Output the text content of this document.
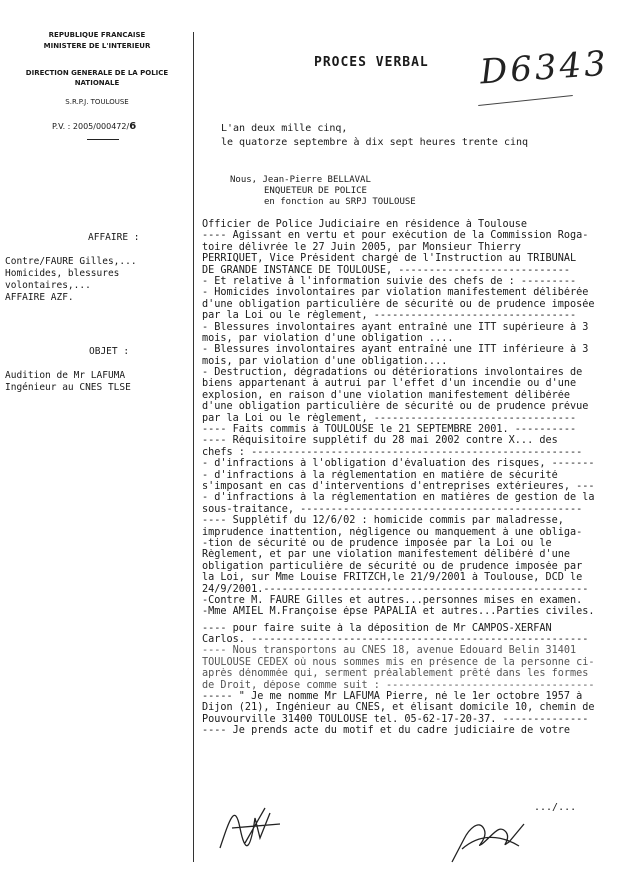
REPUBLIQUE FRANCAISE
MINISTERE DE L'INTERIEUR
DIRECTION GENERALE DE LA POLICE NATIONALE
S.R.P.J. TOULOUSE
P.V. : 2005/000472/6
PROCES VERBAL D6343
L'an deux mille cinq,
le quatorze septembre à dix sept heures trente cinq
Nous, Jean-Pierre BELLAVAL
ENQUETEUR DE POLICE
en fonction au SRPJ TOULOUSE
AFFAIRE :
Contre/FAURE Gilles,...
Homicides, blessures
volontaires,...
AFFAIRE AZF.
OBJET :
Audition de Mr LAFUMA
Ingénieur au CNES TLSE
Officier de Police Judiciaire en résidence à Toulouse
---- Agissant en vertu et pour exécution de la Commission Roga-
toire délivrée le 27 Juin 2005, par Monsieur Thierry
PERRIQUET, Vice Président chargé de l'Instruction au TRIBUNAL
DE GRANDE INSTANCE DE TOULOUSE, ----------------------------
- Et relative à l'information suivie des chefs de : ---------
- Homicides involontaires par violation manifestement délibérée
d'une obligation particulière de sécurité ou de prudence imposée
par la Loi ou le règlement, ---------------------------------
- Blessures involontaires ayant entraîné une ITT supérieure à 3
mois, par violation d'une obligation ....
- Blessures involontaires ayant entraîné une ITT inférieure à 3
mois, par violation d'une obligation....
- Destruction, dégradations ou détériorations involontaires de
biens appartenant à autrui par l'effet d'un incendie ou d'une
explosion, en raison d'une violation manifestement délibérée
d'une obligation particulière de sécurité ou de prudence prévue
par la Loi ou le règlement, ---------------------------------
---- Faits commis à TOULOUSE le 21 SEPTEMBRE 2001. ----------
---- Réquisitoire supplétif du 28 mai 2002 contre X... des
chefs : ------------------------------------------------------
- d'infractions à l'obligation d'évaluation des risques, -------
- d'infractions à la réglementation en matière de sécurité
s'imposant en cas d'interventions d'entreprises extérieures, ---
- d'infractions à la réglementation en matières de gestion de la
sous-traitance, ----------------------------------------------
---- Supplétif du 12/6/02 : homicide commis par maladresse,
imprudence inattention, négligence ou manquement à une obliga-
-tion de sécurité ou de prudence imposée par la Loi ou le
Règlement, et par une violation manifestement délibéré d'une
obligation particulière de sécurité ou de prudence imposée par
la Loi, sur Mme Louise FRITZCH,le 21/9/2001 à Toulouse, DCD le
24/9/2001.-----------------------------------------------------
-Contre M. FAURE Gilles et autres...personnes mises en examen.
-Mme AMIEL M.Françoise épse PAPALIA et autres...Parties civiles.
---- pour faire suite à la déposition de Mr CAMPOS-XERFAN
Carlos. -------------------------------------------------------
---- Nous transportons au CNES 18, avenue Edouard Belin 31401
TOULOUSE CEDEX où nous sommes mis en présence de la personne ci-
après dénommée qui, serment préalablement prêté dans les formes
de Droit, dépose comme suit : ----------------------------------
----- " Je me nomme Mr LAFUMA Pierre, né le 1er octobre 1957 à
Dijon (21), Ingénieur au CNES, et élisant domicile 10, chemin de
Pouvourville 31400 TOULOUSE tel. 05-62-17-20-37. --------------
---- Je prends acte du motif et du cadre judiciaire de votre
.../...
